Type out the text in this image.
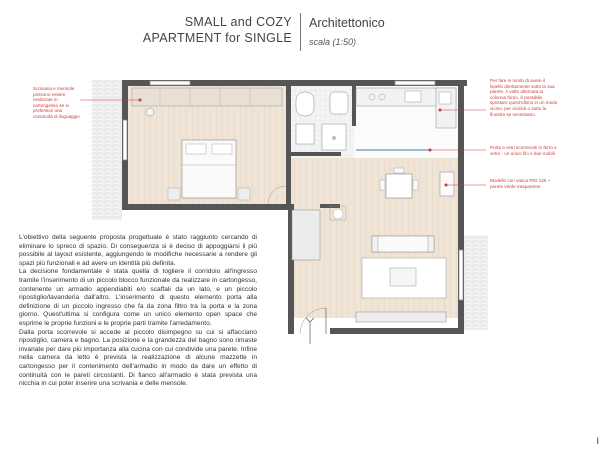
SMALL and COZY
APARTMENT for SINGLE
Architettonico
scala (1:50)
Scrivania e mensole possono essere realizzate in cartongesso se si preferisce una continuità di linguaggio
Per fare in modo di avere il lavello direttamente sotto la sua parete. A volte alternata la colonna forno, è possibile spostare quest'ultimo in un modo vicino, per vicinità o sotto la finestra se necessario.
Porta a vetri scorrevole in ferro e vetro - un unico filo e due mobili
Modello con vasca RIO 125 + parete verde trasparente

L'obiettivo della seguente proposta progettuale è stato raggiunto cercando di eliminare lo spreco di spazio. Di conseguenza si è deciso di appoggiarsi il più possibile al layout esistente, aggiungendo le modifiche necessarie a rendere gli spazi più funzionali e ad avere un identità più definita.

La decisione fondamentale è stata quella di togliere il corridoio all'ingresso tramite l'inserimento di un piccolo blocco funzionale da realizzare in cartongesso, contenente un armadio appendiabiti e/o scaffali da un lato, e un piccolo ripostiglio/lavanderia dall'altro. L'inserimento di questo elemento porta alla definizione di un piccolo ingresso che fa da zona filtro tra la porta e la zona giorno. Quest'ultima si configura come un unico elemento open space che esprime le proprie funzioni e le proprie parti tramite l'arredamento.

Dalla porta scorrevole si accede al piccolo disimpegno su cui si affacciano ripostiglio, camera e bagno. La posizione e la grandezza del bagno sono rimaste invariate per dare più importanza alla cucina con cui condivide una parete. Infine nella camera da letto è prevista la realizzazione di alcune mazzette in cartongesso per il contenimento dell'armadio in modo da dare un effetto di continuità con le pareti circostanti. Di fianco all'armadio è stata prevista una nicchia in cui poter inserire una scrivania e delle mensole.

I
